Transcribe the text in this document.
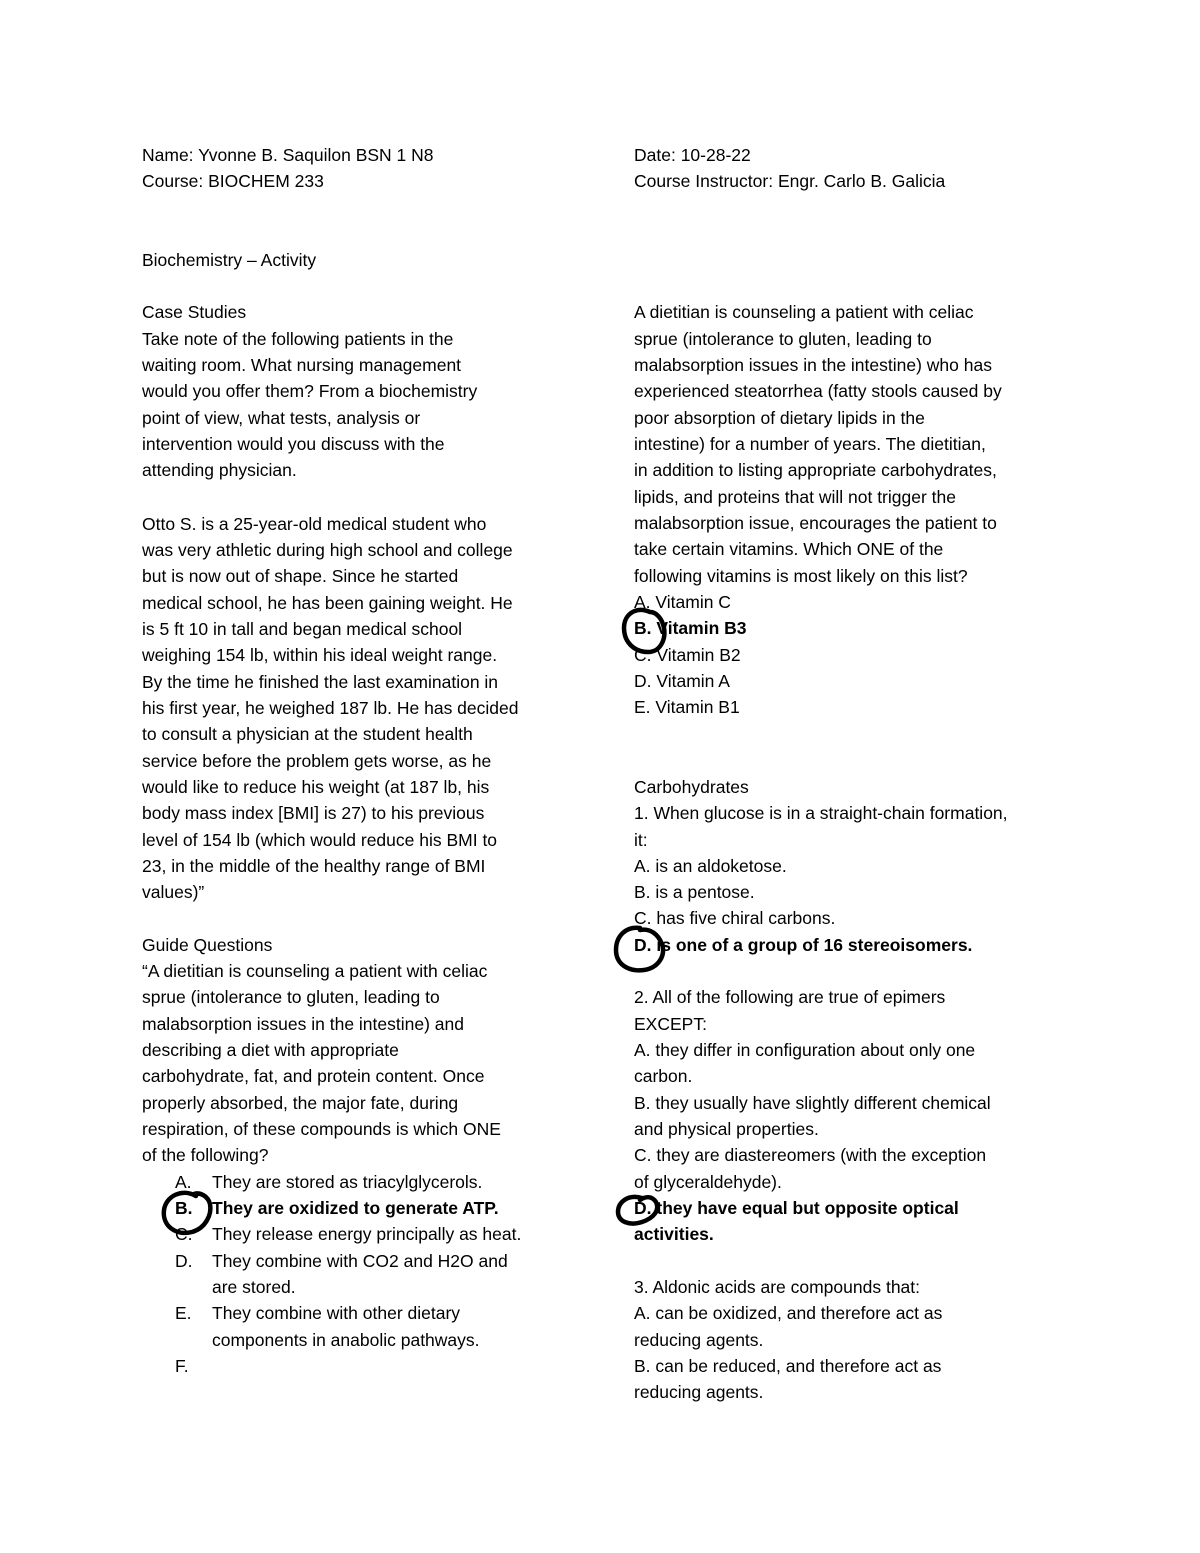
Name: Yvonne B. Saquilon BSN 1 N8	Date: 10-28-22
Course: BIOCHEM 233	Course Instructor: Engr. Carlo B. Galicia
Biochemistry – Activity
Case Studies
Take note of the following patients in the
waiting room. What nursing management
would you offer them? From a biochemistry
point of view, what tests, analysis or
intervention would you discuss with the
attending physician.
Otto S. is a 25-year-old medical student who
was very athletic during high school and college
but is now out of shape. Since he started
medical school, he has been gaining weight. He
is 5 ft 10 in tall and began medical school
weighing 154 lb, within his ideal weight range.
By the time he finished the last examination in
his first year, he weighed 187 lb. He has decided
to consult a physician at the student health
service before the problem gets worse, as he
would like to reduce his weight (at 187 lb, his
body mass index [BMI] is 27) to his previous
level of 154 lb (which would reduce his BMI to
23, in the middle of the healthy range of BMI
values)”
Guide Questions
“A dietitian is counseling a patient with celiac
sprue (intolerance to gluten, leading to
malabsorption issues in the intestine) and
describing a diet with appropriate
carbohydrate, fat, and protein content. Once
properly absorbed, the major fate, during
respiration, of these compounds is which ONE
of the following?
A. They are stored as triacylglycerols.
B. They are oxidized to generate ATP.
C. They release energy principally as heat.
D. They combine with CO2 and H2O and
are stored.
E. They combine with other dietary
components in anabolic pathways.
F.
A dietitian is counseling a patient with celiac
sprue (intolerance to gluten, leading to
malabsorption issues in the intestine) who has
experienced steatorrhea (fatty stools caused by
poor absorption of dietary lipids in the
intestine) for a number of years. The dietitian,
in addition to listing appropriate carbohydrates,
lipids, and proteins that will not trigger the
malabsorption issue, encourages the patient to
take certain vitamins. Which ONE of the
following vitamins is most likely on this list?
A. Vitamin C
B. Vitamin B3
C. Vitamin B2
D. Vitamin A
E. Vitamin B1
Carbohydrates
1. When glucose is in a straight-chain formation,
it:
A. is an aldoketose.
B. is a pentose.
C. has five chiral carbons.
D. is one of a group of 16 stereoisomers.
2. All of the following are true of epimers
EXCEPT:
A. they differ in configuration about only one
carbon.
B. they usually have slightly different chemical
and physical properties.
C. they are diastereomers (with the exception
of glyceraldehyde).
D. they have equal but opposite optical
activities.
3. Aldonic acids are compounds that:
A. can be oxidized, and therefore act as
reducing agents.
B. can be reduced, and therefore act as
reducing agents.
